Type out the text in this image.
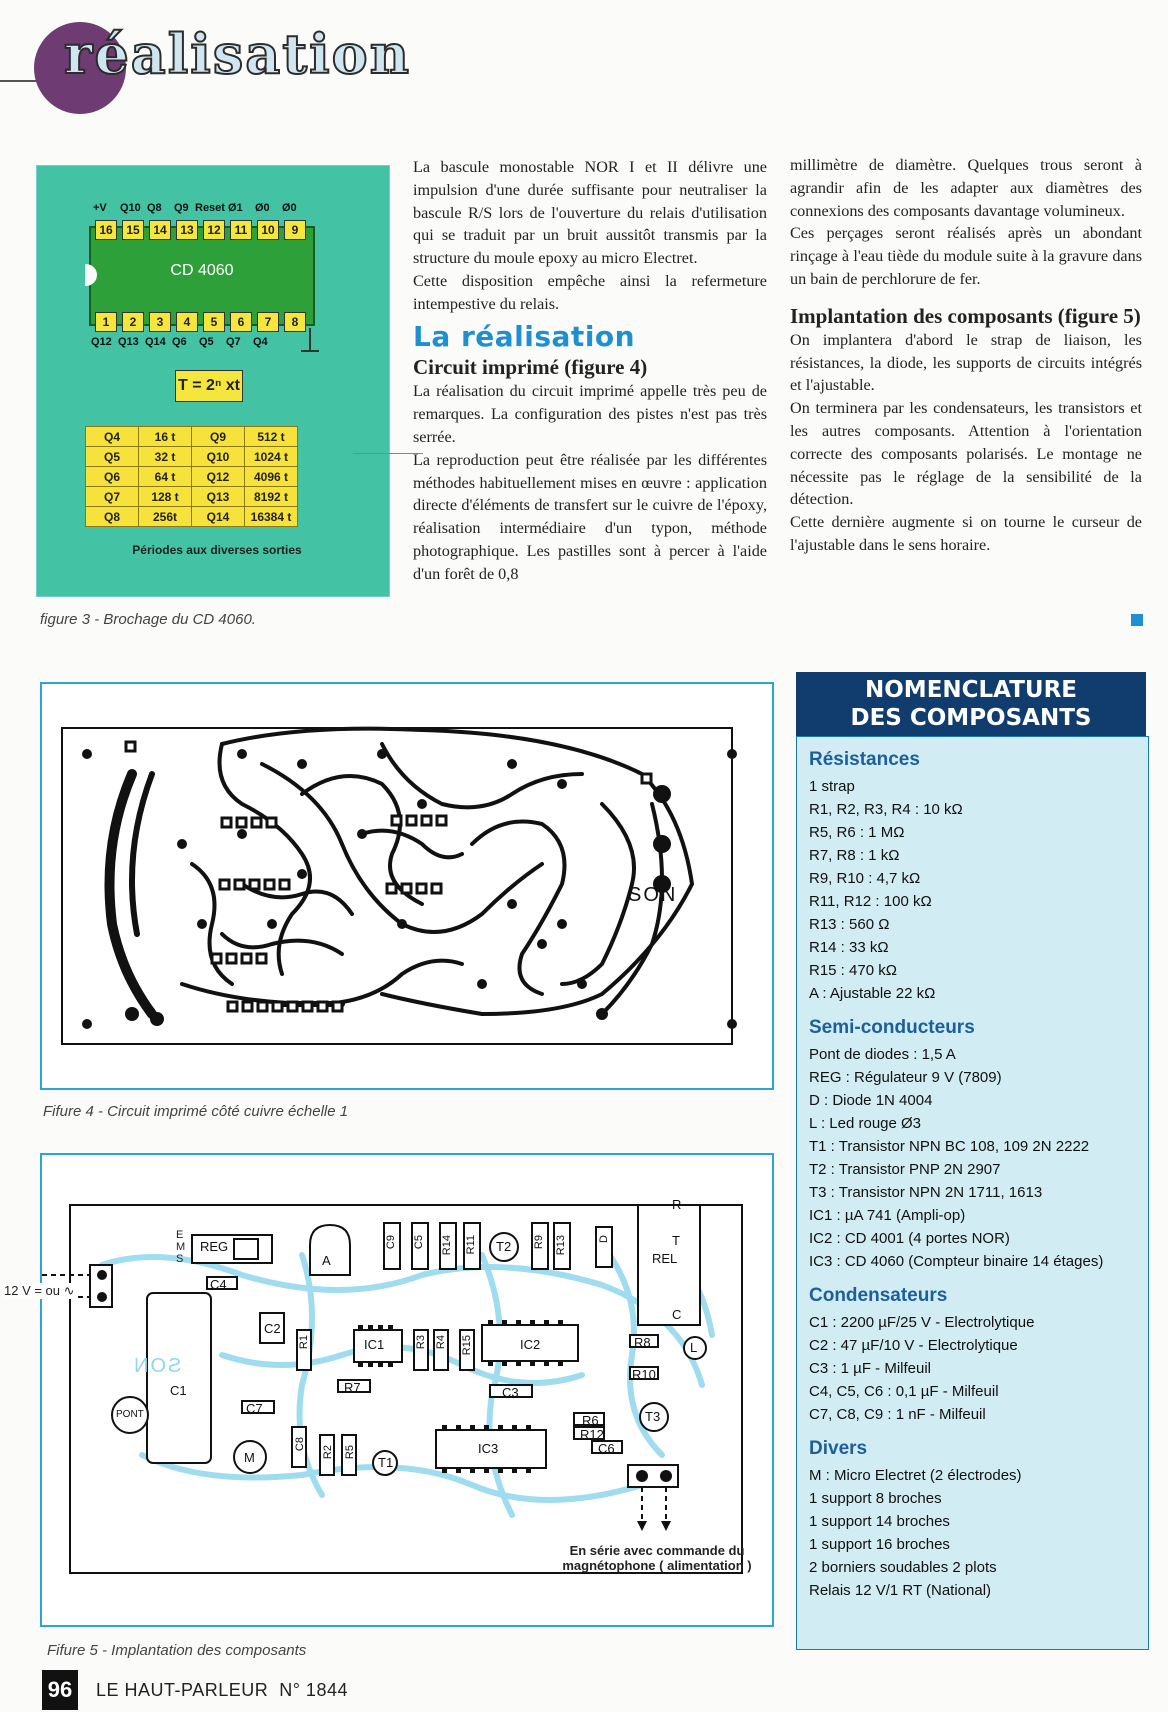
réalisation
+V Q10 Q8 Q9 Reset Ø1 Ø0 Ø0
CD 4060
16	15	14	13	12	11	10	9
1	2	3	4	5	6	7	8
Q12 Q13 Q14 Q6 Q5 Q7 Q4
T = 2ⁿ xt
Q4	16 t	Q9	512 t
Q5	32 t	Q10	1024 t
Q6	64 t	Q12	4096 t
Q7	128 t	Q13	8192 t
Q8	256t	Q14	16384 t
Périodes aux diverses sorties
figure 3 - Brochage du CD 4060.

La bascule monostable NOR I et II délivre une impulsion d'une durée suffisante pour neutraliser la bascule R/S lors de l'ouverture du relais d'utilisation qui se traduit par un bruit aussitôt transmis par la structure du moule epoxy au micro Electret.

Cette disposition empêche ainsi la refermeture intempestive du relais.

La réalisation
Circuit imprimé (figure 4)

La réalisation du circuit imprimé appelle très peu de remarques. La configuration des pistes n'est pas très serrée.

La reproduction peut être réalisée par les différentes méthodes habituellement mises en œuvre : application directe d'éléments de transfert sur le cuivre de l'époxy, réalisation intermédiaire d'un typon, méthode photographique. Les pastilles sont à percer à l'aide d'un forêt de 0,8

millimètre de diamètre. Quelques trous seront à agrandir afin de les adapter aux diamètres des connexions des composants davantage volumineux.

Ces perçages seront réalisés après un abondant rinçage à l'eau tiède du module suite à la gravure dans un bain de perchlorure de fer.

Implantation des composants (figure 5)

On implantera d'abord le strap de liaison, les résistances, la diode, les supports de circuits intégrés et l'ajustable.

On terminera par les condensateurs, les transistors et les autres composants. Attention à l'orientation correcte des composants polarisés. Le montage ne nécessite pas le réglage de la sensibilité de la détection.

Cette dernière augmente si on tourne le curseur de l'ajustable dans le sens horaire.

SON
Fifure 4 - Circuit imprimé côté cuivre échelle 1
REG
A
C9 C5 R14 R11 T2 R9 R13	D
REL
R
T
C
C4
C2
R1	IC1	R3 R4 R15	IC2	R8
R10
L
R7	C3
C1
C7
PONT	R6
R12
C6
T3
C8
R2 R5
T1
IC3
M
SON
E
M
S
12 V = ou ∿
En série avec commande du magnétophone ( alimentation )
Fifure 5 - Implantation des composants
NOMENCLATURE
DES COMPOSANTS
Résistances
1 strap
R1, R2, R3, R4 : 10 kΩ
R5, R6 : 1 MΩ
R7, R8 : 1 kΩ
R9, R10 : 4,7 kΩ
R11, R12 : 100 kΩ
R13 : 560 Ω
R14 : 33 kΩ
R15 : 470 kΩ
A : Ajustable 22 kΩ
Semi-conducteurs
Pont de diodes : 1,5 A
REG : Régulateur 9 V (7809)
D : Diode 1N 4004
L : Led rouge Ø3
T1 : Transistor NPN BC 108, 109 2N 2222
T2 : Transistor PNP 2N 2907
T3 : Transistor NPN 2N 1711, 1613
IC1 : µA 741 (Ampli-op)
IC2 : CD 4001 (4 portes NOR)
IC3 : CD 4060 (Compteur binaire 14 étages)
Condensateurs
C1 : 2200 µF/25 V - Electrolytique
C2 : 47 µF/10 V - Electrolytique
C3 : 1 µF - Milfeuil
C4, C5, C6 : 0,1 µF - Milfeuil
C7, C8, C9 : 1 nF - Milfeuil
Divers
M : Micro Electret (2 électrodes)
1 support 8 broches
1 support 14 broches
1 support 16 broches
2 borniers soudables 2 plots
Relais 12 V/1 RT (National)
96	LE HAUT-PARLEUR N° 1844
